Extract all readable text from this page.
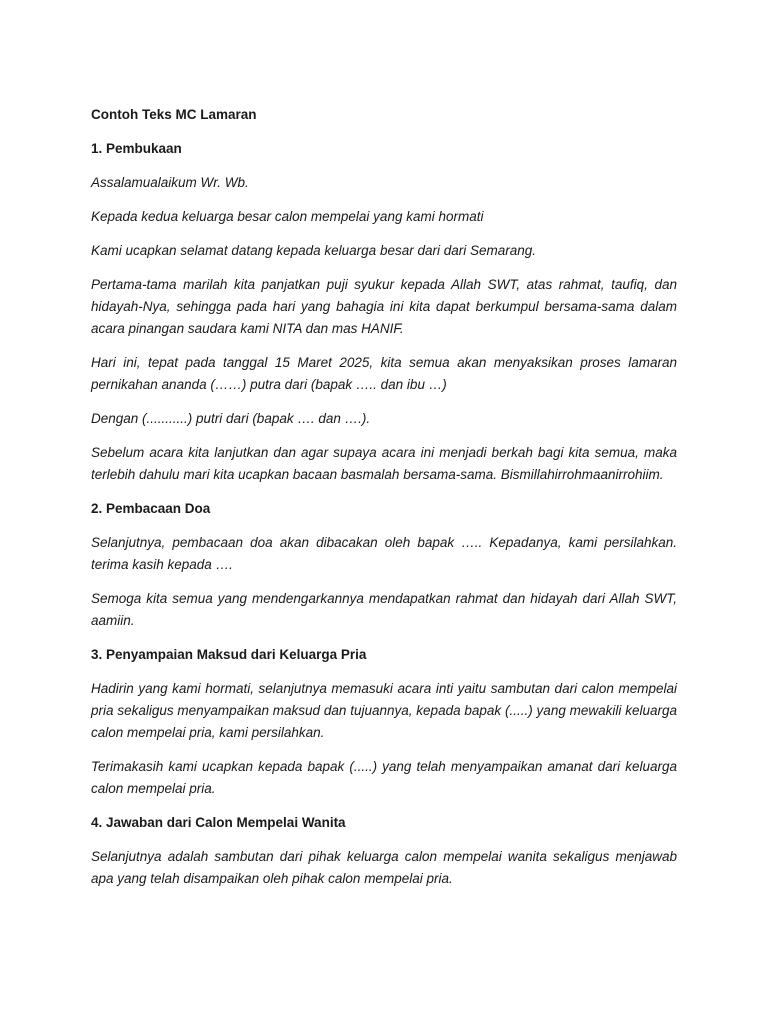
Contoh Teks MC Lamaran

1. Pembukaan

Assalamualaikum Wr. Wb.

Kepada kedua keluarga besar calon mempelai yang kami hormati

Kami ucapkan selamat datang kepada keluarga besar dari dari Semarang.

Pertama-tama marilah kita panjatkan puji syukur kepada Allah SWT, atas rahmat, taufiq, dan hidayah-Nya, sehingga pada hari yang bahagia ini kita dapat berkumpul bersama-sama dalam acara pinangan saudara kami NITA dan mas HANIF.

Hari ini, tepat pada tanggal 15 Maret 2025, kita semua akan menyaksikan proses lamaran pernikahan ananda (……) putra dari (bapak ….. dan ibu …)

Dengan (...........) putri dari (bapak …. dan ….).

Sebelum acara kita lanjutkan dan agar supaya acara ini menjadi berkah bagi kita semua, maka terlebih dahulu mari kita ucapkan bacaan basmalah bersama-sama. Bismillahirrohmaanirrohiim.

2. Pembacaan Doa

Selanjutnya, pembacaan doa akan dibacakan oleh bapak ….. Kepadanya, kami persilahkan. terima kasih kepada ….

Semoga kita semua yang mendengarkannya mendapatkan rahmat dan hidayah dari Allah SWT, aamiin.

3. Penyampaian Maksud dari Keluarga Pria

Hadirin yang kami hormati, selanjutnya memasuki acara inti yaitu sambutan dari calon mempelai pria sekaligus menyampaikan maksud dan tujuannya, kepada bapak (.....) yang mewakili keluarga calon mempelai pria, kami persilahkan.

Terimakasih kami ucapkan kepada bapak (.....) yang telah menyampaikan amanat dari keluarga calon mempelai pria.

4. Jawaban dari Calon Mempelai Wanita

Selanjutnya adalah sambutan dari pihak keluarga calon mempelai wanita sekaligus menjawab apa yang telah disampaikan oleh pihak calon mempelai pria.
